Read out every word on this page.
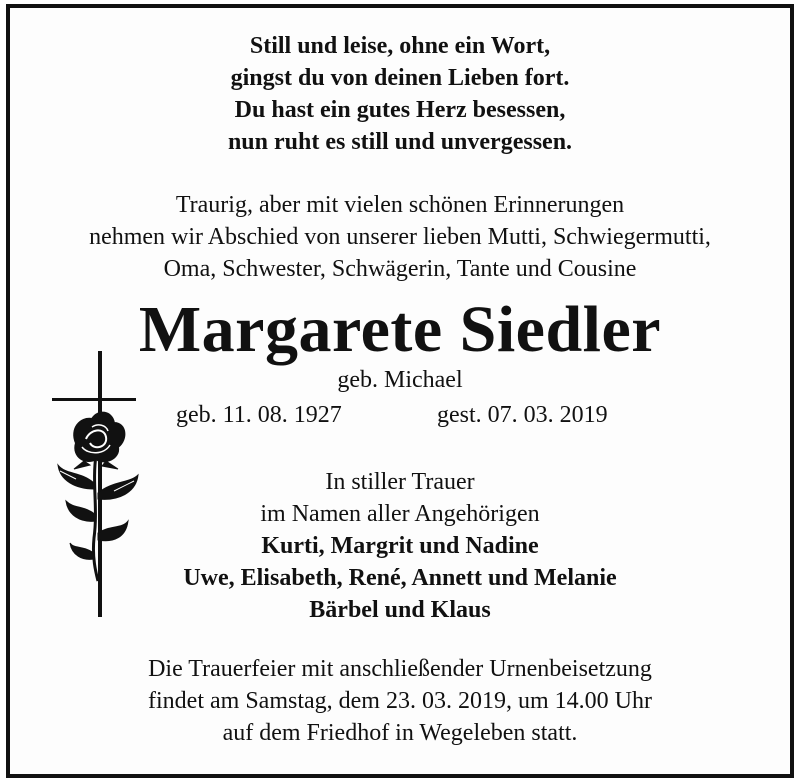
Still und leise, ohne ein Wort,
gingst du von deinen Lieben fort.
Du hast ein gutes Herz besessen,
nun ruht es still und unvergessen.
Traurig, aber mit vielen schönen Erinnerungen
nehmen wir Abschied von unserer lieben Mutti, Schwiegermutti,
Oma, Schwester, Schwägerin, Tante und Cousine
Margarete Siedler
geb. Michael
geb. 11. 08. 1927	gest. 07. 03. 2019
In stiller Trauer
im Namen aller Angehörigen
Kurti, Margrit und Nadine
Uwe, Elisabeth, René, Annett und Melanie
Bärbel und Klaus
Die Trauerfeier mit anschließender Urnenbeisetzung
findet am Samstag, dem 23. 03. 2019, um 14.00 Uhr
auf dem Friedhof in Wegeleben statt.
